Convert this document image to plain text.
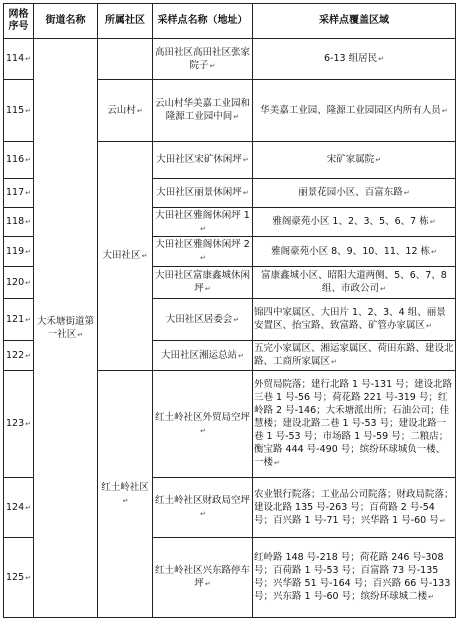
网格序号	街道名称	所属社区	采样点名称（地址）	采样点覆盖区域
114↵	大禾塘街道第一社区↵		高田社区高田社区张家院子↵	6-13 组居民↵
115↵		云山村↵	云山村华美嘉工业园和隆源工业园中间↵	华美嘉工业园、隆源工业园园区内所有人员↵
116↵		大田社区↵	大田社区宋矿休闲坪↵	宋矿家属院↵
117↵			大田社区丽景休闲坪↵	丽景花园小区、百富东路↵
118↵			大田社区雅阁休闲坪 1↵	雅阁豪苑小区 1、2、3、5、6、7 栋↵
119↵			大田社区雅阁休闲坪 2↵	雅阁豪苑小区 8、9、10、11、12 栋↵
120↵			大田社区富康鑫城休闲坪↵	富康鑫城小区、昭阳大道两侧、5、6、7、8 组、市政公司↵
121↵			大田社区居委会↵	锦四中家属区、大田片 1、2、3、4 组、丽景安置区、抬宝路、致富路、矿管办家属区↵
122↵			大田社区湘运总站↵	五完小家属区、湘运家属区、荷田东路、建设北路、工商所家属区↵
123↵		红土岭社区↵	红土岭社区外贸局空坪↵	外贸局院落；建行北路 1 号-131 号；建设北路三巷 1 号-56 号；荷花路 221 号-319 号；红岭路 2 号-146；大禾塘派出所；石油公司；佳慧楼；建设北路二巷 1 号-53 号；建设北路一巷 1 号-53 号；市场路 1 号-59 号；二粮店；衡宝路 444 号-490 号；缤纷环球城负一楼、一楼↵
124↵			红土岭社区财政局空坪↵	农业银行院落；工业品公司院落；财政局院落；建设北路 135 号-263 号；百荷路 2 号-54 号；百兴路 1 号-71 号；兴华路 1 号-60 号↵
125↵			红土岭社区兴东路停车坪↵	红岭路 148 号-218 号；荷花路 246 号-308 号；百荷路 1 号-53 号；百富路 73 号-135 号；兴华路 51 号-164 号；百兴路 66 号-133 号；兴东路 1 号-60 号；缤纷环球城二楼↵
